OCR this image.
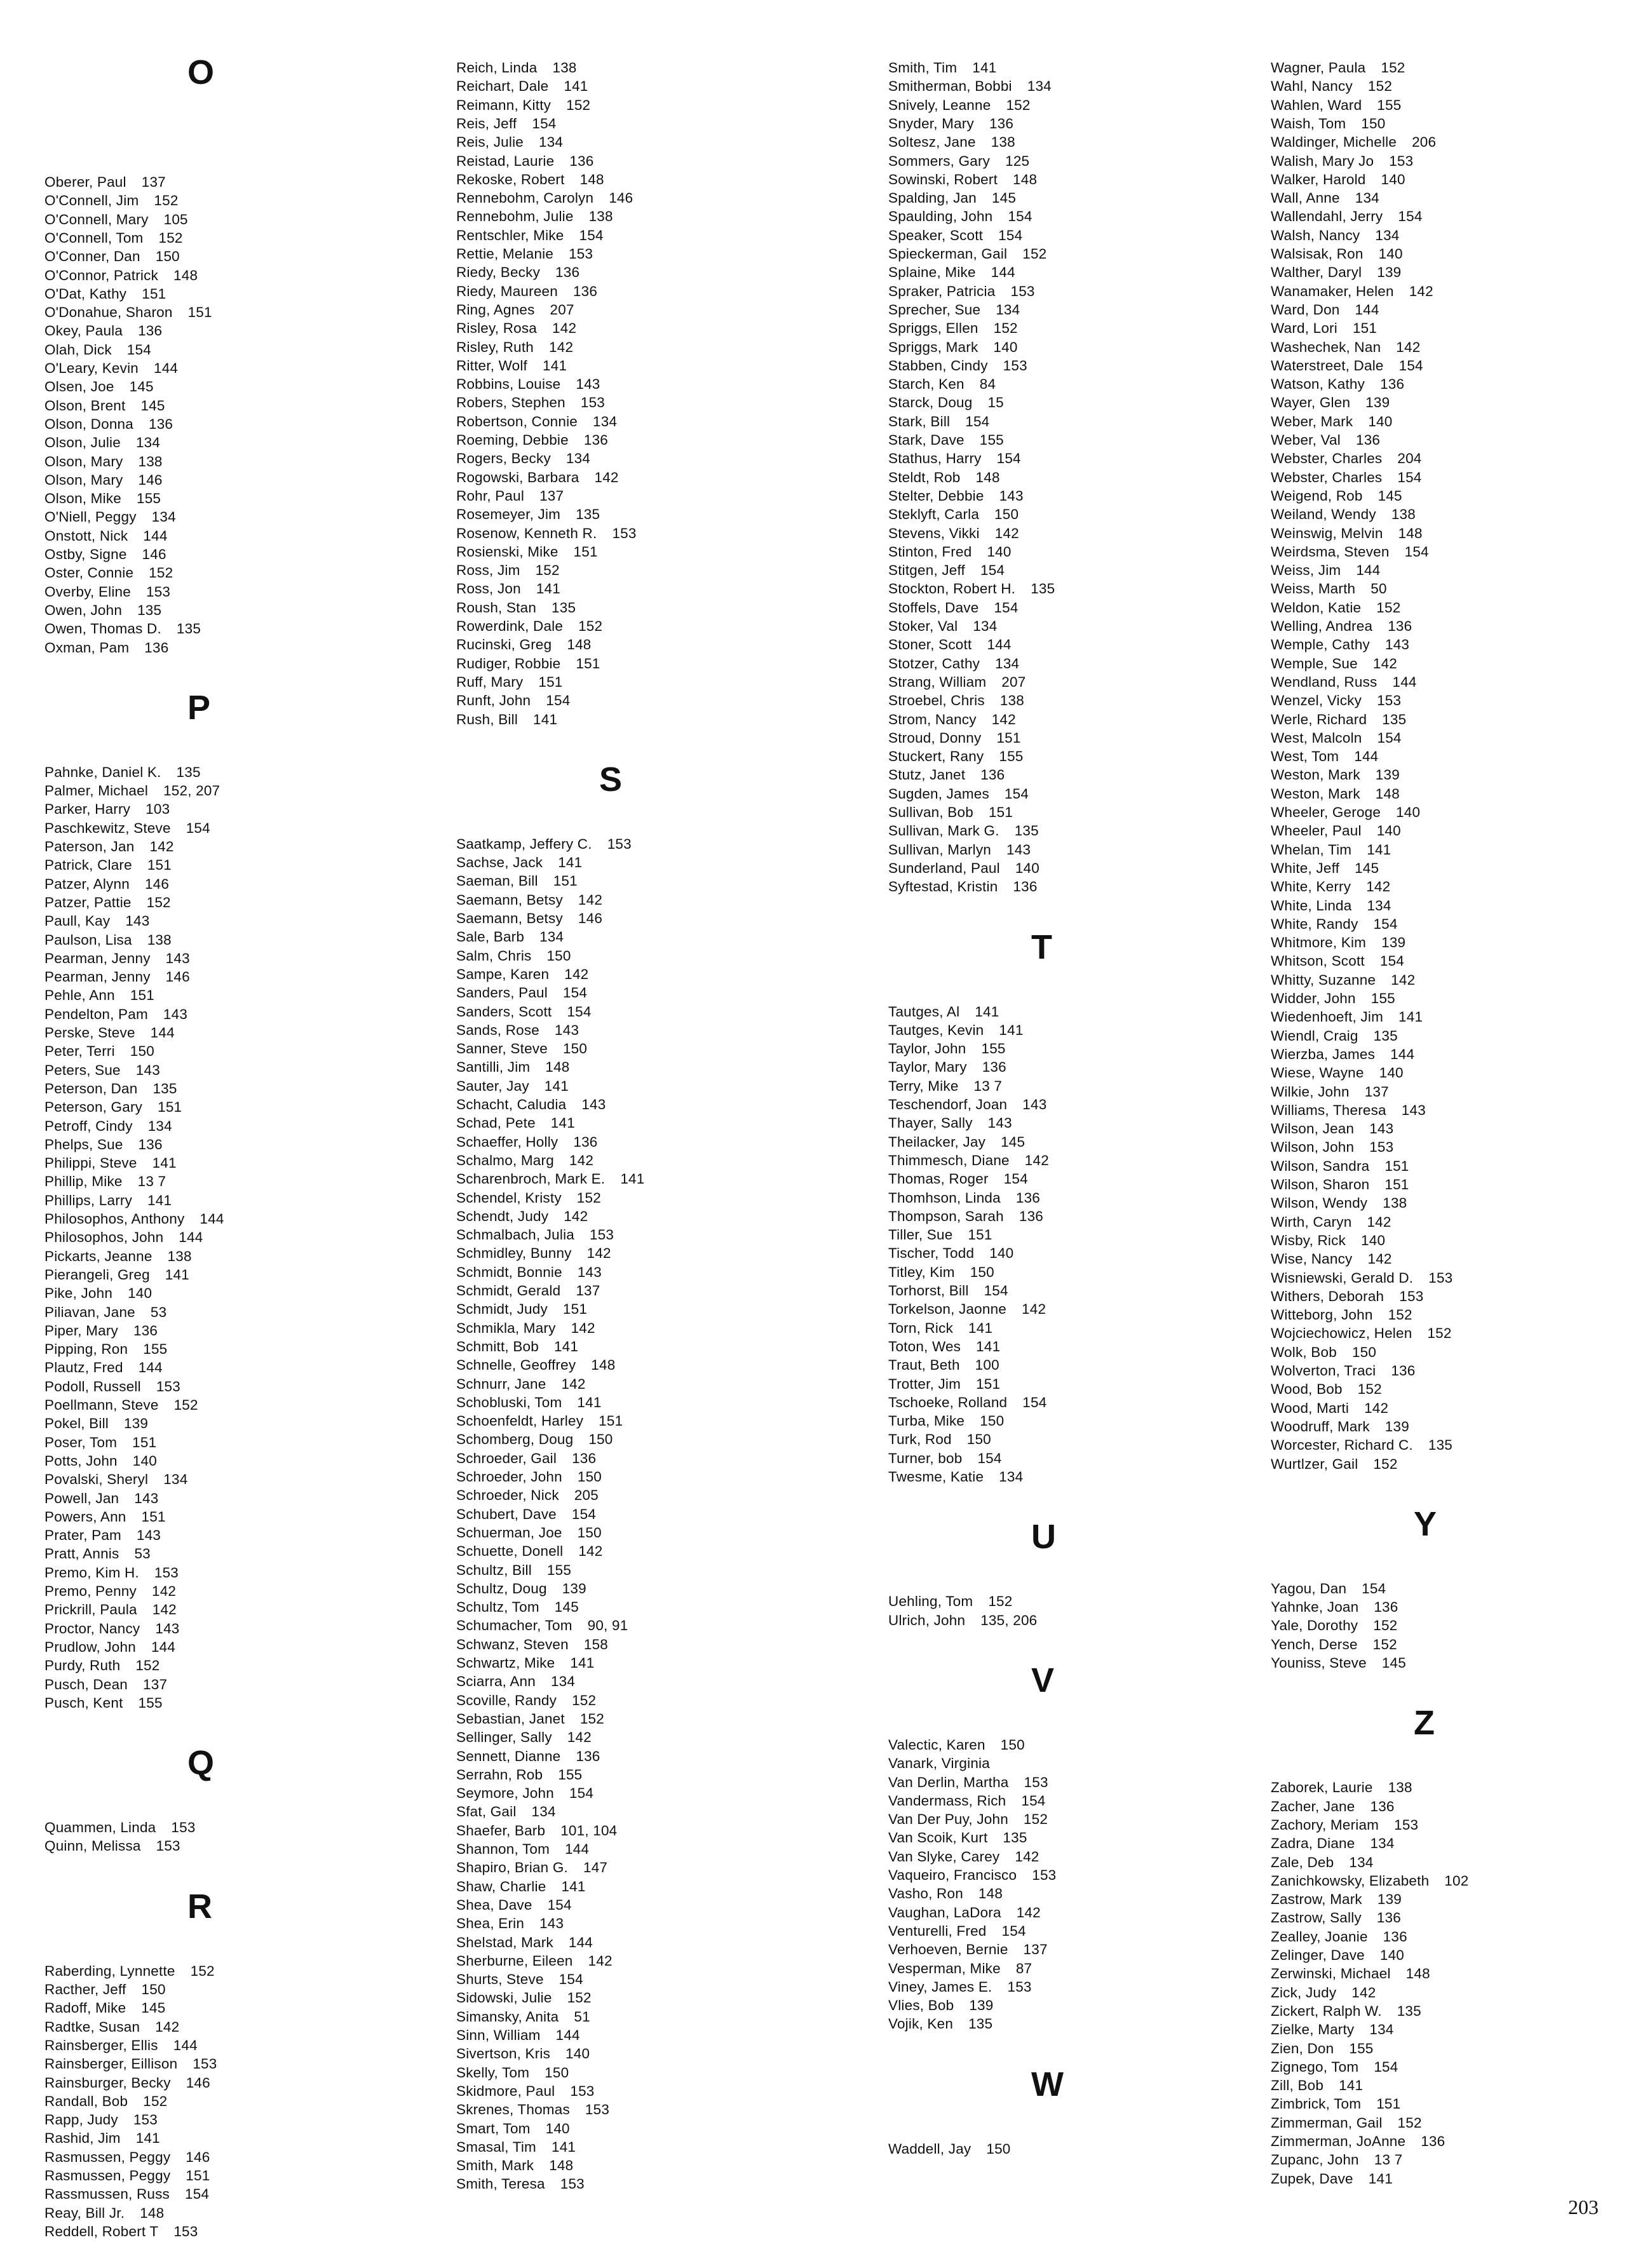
O
Oberer, Paul 137
O'Connell, Jim 152
O'Connell, Mary 105
O'Connell, Tom 152
O'Conner, Dan 150
O'Connor, Patrick 148
O'Dat, Kathy 151
O'Donahue, Sharon 151
Okey, Paula 136
Olah, Dick 154
O'Leary, Kevin 144
Olsen, Joe 145
Olson, Brent 145
Olson, Donna 136
Olson, Julie 134
Olson, Mary 138
Olson, Mary 146
Olson, Mike 155
O'Niell, Peggy 134
Onstott, Nick 144
Ostby, Signe 146
Oster, Connie 152
Overby, Eline 153
Owen, John 135
Owen, Thomas D. 135
Oxman, Pam 136
P
Pahnke, Daniel K. 135
Palmer, Michael 152, 207
Parker, Harry 103
Paschkewitz, Steve 154
Paterson, Jan 142
Patrick, Clare 151
Patzer, Alynn 146
Patzer, Pattie 152
Paull, Kay 143
Paulson, Lisa 138
Pearman, Jenny 143
Pearman, Jenny 146
Pehle, Ann 151
Pendelton, Pam 143
Perske, Steve 144
Peter, Terri 150
Peters, Sue 143
Peterson, Dan 135
Peterson, Gary 151
Petroff, Cindy 134
Phelps, Sue 136
Philippi, Steve 141
Phillip, Mike 13 7
Phillips, Larry 141
Philosophos, Anthony 144
Philosophos, John 144
Pickarts, Jeanne 138
Pierangeli, Greg 141
Pike, John 140
Piliavan, Jane 53
Piper, Mary 136
Pipping, Ron 155
Plautz, Fred 144
Podoll, Russell 153
Poellmann, Steve 152
Pokel, Bill 139
Poser, Tom 151
Potts, John 140
Povalski, Sheryl 134
Powell, Jan 143
Powers, Ann 151
Prater, Pam 143
Pratt, Annis 53
Premo, Kim H. 153
Premo, Penny 142
Prickrill, Paula 142
Proctor, Nancy 143
Prudlow, John 144
Purdy, Ruth 152
Pusch, Dean 137
Pusch, Kent 155
Q
Quammen, Linda 153
Quinn, Melissa 153
R
Raberding, Lynnette 152
Racther, Jeff 150
Radoff, Mike 145
Radtke, Susan 142
Rainsberger, Ellis 144
Rainsberger, Eillison 153
Rainsburger, Becky 146
Randall, Bob 152
Rapp, Judy 153
Rashid, Jim 141
Rasmussen, Peggy 146
Rasmussen, Peggy 151
Rassmussen, Russ 154
Reay, Bill Jr. 148
Reddell, Robert T 153
Reich, Linda 138
Reichart, Dale 141
Reimann, Kitty 152
Reis, Jeff 154
Reis, Julie 134
Reistad, Laurie 136
Rekoske, Robert 148
Rennebohm, Carolyn 146
Rennebohm, Julie 138
Rentschler, Mike 154
Rettie, Melanie 153
Riedy, Becky 136
Riedy, Maureen 136
Ring, Agnes 207
Risley, Rosa 142
Risley, Ruth 142
Ritter, Wolf 141
Robbins, Louise 143
Robers, Stephen 153
Robertson, Connie 134
Roeming, Debbie 136
Rogers, Becky 134
Rogowski, Barbara 142
Rohr, Paul 137
Rosemeyer, Jim 135
Rosenow, Kenneth R. 153
Rosienski, Mike 151
Ross, Jim 152
Ross, Jon 141
Roush, Stan 135
Rowerdink, Dale 152
Rucinski, Greg 148
Rudiger, Robbie 151
Ruff, Mary 151
Runft, John 154
Rush, Bill 141
S
Saatkamp, Jeffery C. 153
Sachse, Jack 141
Saeman, Bill 151
Saemann, Betsy 142
Saemann, Betsy 146
Sale, Barb 134
Salm, Chris 150
Sampe, Karen 142
Sanders, Paul 154
Sanders, Scott 154
Sands, Rose 143
Sanner, Steve 150
Santilli, Jim 148
Sauter, Jay 141
Schacht, Caludia 143
Schad, Pete 141
Schaeffer, Holly 136
Schalmo, Marg 142
Scharenbroch, Mark E. 141
Schendel, Kristy 152
Schendt, Judy 142
Schmalbach, Julia 153
Schmidley, Bunny 142
Schmidt, Bonnie 143
Schmidt, Gerald 137
Schmidt, Judy 151
Schmikla, Mary 142
Schmitt, Bob 141
Schnelle, Geoffrey 148
Schnurr, Jane 142
Schobluski, Tom 141
Schoenfeldt, Harley 151
Schomberg, Doug 150
Schroeder, Gail 136
Schroeder, John 150
Schroeder, Nick 205
Schubert, Dave 154
Schuerman, Joe 150
Schuette, Donell 142
Schultz, Bill 155
Schultz, Doug 139
Schultz, Tom 145
Schumacher, Tom 90, 91
Schwanz, Steven 158
Schwartz, Mike 141
Sciarra, Ann 134
Scoville, Randy 152
Sebastian, Janet 152
Sellinger, Sally 142
Sennett, Dianne 136
Serrahn, Rob 155
Seymore, John 154
Sfat, Gail 134
Shaefer, Barb 101, 104
Shannon, Tom 144
Shapiro, Brian G. 147
Shaw, Charlie 141
Shea, Dave 154
Shea, Erin 143
Shelstad, Mark 144
Sherburne, Eileen 142
Shurts, Steve 154
Sidowski, Julie 152
Simansky, Anita 51
Sinn, William 144
Sivertson, Kris 140
Skelly, Tom 150
Skidmore, Paul 153
Skrenes, Thomas 153
Smart, Tom 140
Smasal, Tim 141
Smith, Mark 148
Smith, Teresa 153
Smith, Tim 141
Smitherman, Bobbi 134
Snively, Leanne 152
Snyder, Mary 136
Soltesz, Jane 138
Sommers, Gary 125
Sowinski, Robert 148
Spalding, Jan 145
Spaulding, John 154
Speaker, Scott 154
Spieckerman, Gail 152
Splaine, Mike 144
Spraker, Patricia 153
Sprecher, Sue 134
Spriggs, Ellen 152
Spriggs, Mark 140
Stabben, Cindy 153
Starch, Ken 84
Starck, Doug 15
Stark, Bill 154
Stark, Dave 155
Stathus, Harry 154
Steldt, Rob 148
Stelter, Debbie 143
Steklyft, Carla 150
Stevens, Vikki 142
Stinton, Fred 140
Stitgen, Jeff 154
Stockton, Robert H. 135
Stoffels, Dave 154
Stoker, Val 134
Stoner, Scott 144
Stotzer, Cathy 134
Strang, William 207
Stroebel, Chris 138
Strom, Nancy 142
Stroud, Donny 151
Stuckert, Rany 155
Stutz, Janet 136
Sugden, James 154
Sullivan, Bob 151
Sullivan, Mark G. 135
Sullivan, Marlyn 143
Sunderland, Paul 140
Syftestad, Kristin 136
T
Tautges, Al 141
Tautges, Kevin 141
Taylor, John 155
Taylor, Mary 136
Terry, Mike 13 7
Teschendorf, Joan 143
Thayer, Sally 143
Theilacker, Jay 145
Thimmesch, Diane 142
Thomas, Roger 154
Thomhson, Linda 136
Thompson, Sarah 136
Tiller, Sue 151
Tischer, Todd 140
Titley, Kim 150
Torhorst, Bill 154
Torkelson, Jaonne 142
Torn, Rick 141
Toton, Wes 141
Traut, Beth 100
Trotter, Jim 151
Tschoeke, Rolland 154
Turba, Mike 150
Turk, Rod 150
Turner, bob 154
Twesme, Katie 134
U
Uehling, Tom 152
Ulrich, John 135, 206
V
Valectic, Karen 150
Vanark, Virginia
Van Derlin, Martha 153
Vandermass, Rich 154
Van Der Puy, John 152
Van Scoik, Kurt 135
Van Slyke, Carey 142
Vaqueiro, Francisco 153
Vasho, Ron 148
Vaughan, LaDora 142
Venturelli, Fred 154
Verhoeven, Bernie 137
Vesperman, Mike 87
Viney, James E. 153
Vlies, Bob 139
Vojik, Ken 135
W
Waddell, Jay 150
Wagner, Paula 152
Wahl, Nancy 152
Wahlen, Ward 155
Waish, Tom 150
Waldinger, Michelle 206
Walish, Mary Jo 153
Walker, Harold 140
Wall, Anne 134
Wallendahl, Jerry 154
Walsh, Nancy 134
Walsisak, Ron 140
Walther, Daryl 139
Wanamaker, Helen 142
Ward, Don 144
Ward, Lori 151
Washechek, Nan 142
Waterstreet, Dale 154
Watson, Kathy 136
Wayer, Glen 139
Weber, Mark 140
Weber, Val 136
Webster, Charles 204
Webster, Charles 154
Weigend, Rob 145
Weiland, Wendy 138
Weinswig, Melvin 148
Weirdsma, Steven 154
Weiss, Jim 144
Weiss, Marth 50
Weldon, Katie 152
Welling, Andrea 136
Wemple, Cathy 143
Wemple, Sue 142
Wendland, Russ 144
Wenzel, Vicky 153
Werle, Richard 135
West, Malcoln 154
West, Tom 144
Weston, Mark 139
Weston, Mark 148
Wheeler, Geroge 140
Wheeler, Paul 140
Whelan, Tim 141
White, Jeff 145
White, Kerry 142
White, Linda 134
White, Randy 154
Whitmore, Kim 139
Whitson, Scott 154
Whitty, Suzanne 142
Widder, John 155
Wiedenhoeft, Jim 141
Wiendl, Craig 135
Wierzba, James 144
Wiese, Wayne 140
Wilkie, John 137
Williams, Theresa 143
Wilson, Jean 143
Wilson, John 153
Wilson, Sandra 151
Wilson, Sharon 151
Wilson, Wendy 138
Wirth, Caryn 142
Wisby, Rick 140
Wise, Nancy 142
Wisniewski, Gerald D. 153
Withers, Deborah 153
Witteborg, John 152
Wojciechowicz, Helen 152
Wolk, Bob 150
Wolverton, Traci 136
Wood, Bob 152
Wood, Marti 142
Woodruff, Mark 139
Worcester, Richard C. 135
Wurtlzer, Gail 152
Y
Yagou, Dan 154
Yahnke, Joan 136
Yale, Dorothy 152
Yench, Derse 152
Youniss, Steve 145
Z
Zaborek, Laurie 138
Zacher, Jane 136
Zachory, Meriam 153
Zadra, Diane 134
Zale, Deb 134
Zanichkowsky, Elizabeth 102
Zastrow, Mark 139
Zastrow, Sally 136
Zealley, Joanie 136
Zelinger, Dave 140
Zerwinski, Michael 148
Zick, Judy 142
Zickert, Ralph W. 135
Zielke, Marty 134
Zien, Don 155
Zignego, Tom 154
Zill, Bob 141
Zimbrick, Tom 151
Zimmerman, Gail 152
Zimmerman, JoAnne 136
Zupanc, John 13 7
Zupek, Dave 141
203
